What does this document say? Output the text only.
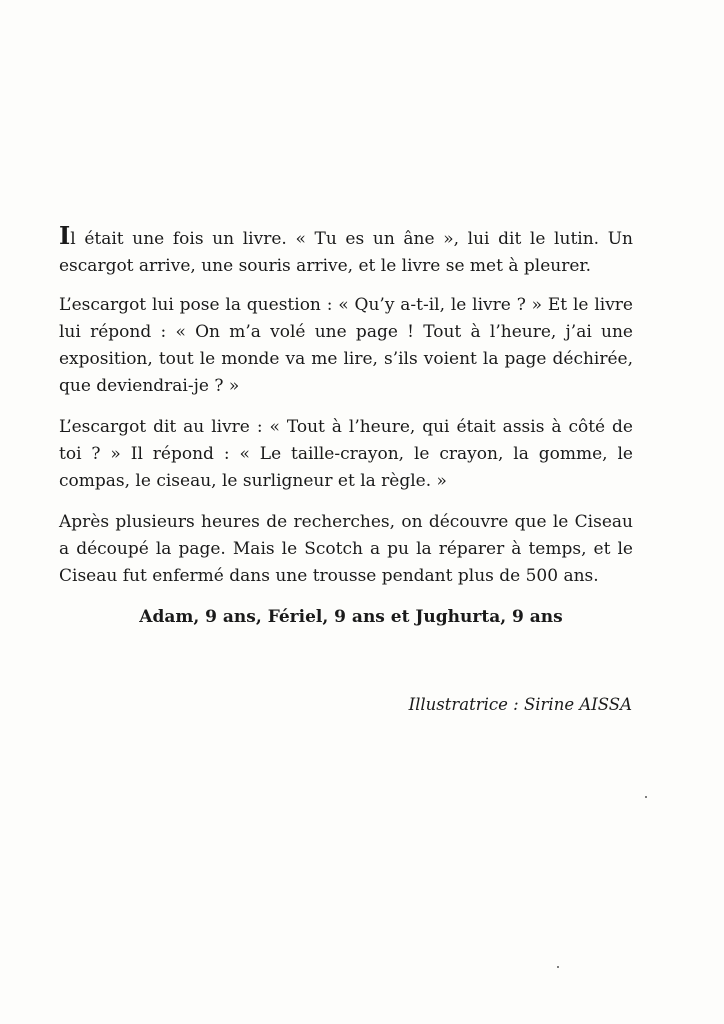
Il était une fois un livre. « Tu es un âne », lui dit le lutin. Un escargot arrive, une souris arrive, et le livre se met à pleurer.

L’escargot lui pose la question : « Qu’y a-t-il, le livre ? » Et le livre lui répond : « On m’a volé une page ! Tout à l’heure, j’ai une exposition, tout le monde va me lire, s’ils voient la page déchirée, que deviendrai-je ? »

L’escargot dit au livre : « Tout à l’heure, qui était assis à côté de toi ? » Il répond : « Le taille-crayon, le crayon, la gomme, le compas, le ciseau, le surligneur et la règle. »

Après plusieurs heures de recherches, on découvre que le Ciseau a découpé la page. Mais le Scotch a pu la réparer à temps, et le Ciseau fut enfermé dans une trousse pendant plus de 500 ans.

Adam, 9 ans, Fériel, 9 ans et Jughurta, 9 ans

Illustratrice : Sirine AISSA
